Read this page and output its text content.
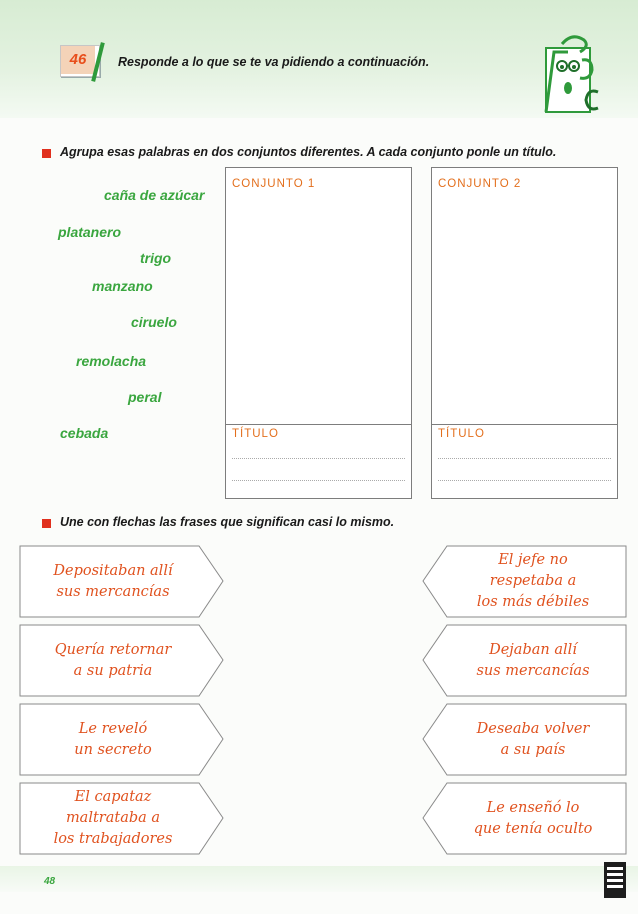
46	Responde a lo que se te va pidiendo a continuación.
Agrupa esas palabras en dos conjuntos diferentes. A cada conjunto ponle un título.
caña de azúcar
platanero
trigo
manzano
ciruelo
remolacha
peral
cebada
CONJUNTO 1
TÍTULO
CONJUNTO 2
TÍTULO
Une con flechas las frases que significan casi lo mismo.
Depositaban allí
sus mercancías
Quería retornar
a su patria
Le reveló
un secreto
El capataz
maltrataba a
los trabajadores
El jefe no
respetaba a
los más débiles
Dejaban allí
sus mercancías
Deseaba volver
a su país
Le enseñó lo
que tenía oculto
48
